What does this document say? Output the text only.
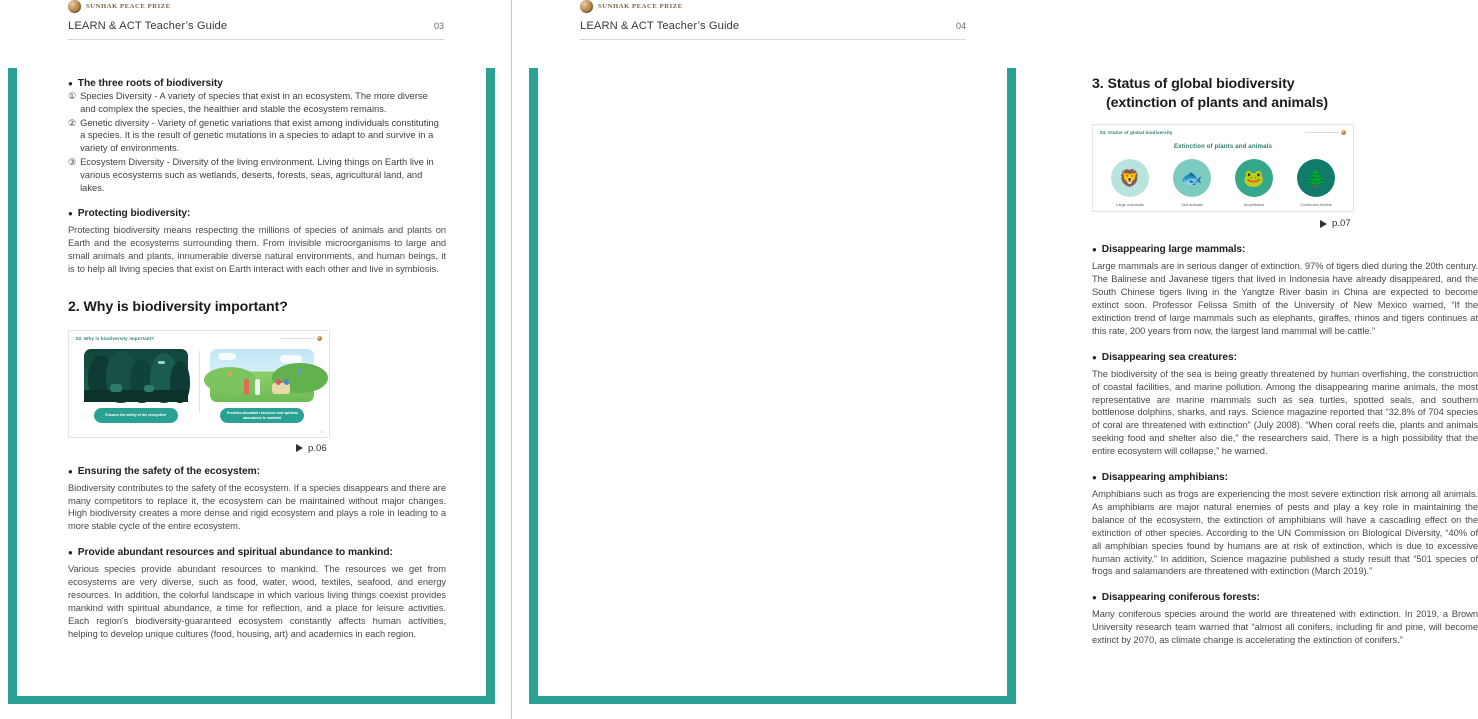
SUNHAK PEACE PRIZE
LEARN & ACT Teacher’s Guide	03
● The three roots of biodiversity
① Species Diversity - A variety of species that exist in an ecosystem. The more diverse and complex the species, the healthier and stable the ecosystem remains.
② Genetic diversity - Variety of genetic variations that exist among individuals constituting a species. It is the result of genetic mutations in a species to adapt to and survive in a variety of environments.
③ Ecosystem Diversity - Diversity of the living environment. Living things on Earth live in various ecosystems such as wetlands, deserts, forests, seas, agricultural land, and lakes.
● Protecting biodiversity:

Protecting biodiversity means respecting the millions of species of animals and plants on Earth and the ecosystems surrounding them. From invisible microorganisms to large and small animals and plants, innumerable diverse natural environments, and human beings, it is to help all living species that exist on Earth interact with each other and live in symbiosis.

2. Why is biodiversity important?
02. Why is biodiversity important?
Ensures the safety of the ecosystem
Provides abundant resources and spiritual abundance to mankind
6
p.06
● Ensuring the safety of the ecosystem:

Biodiversity contributes to the safety of the ecosystem. If a species disappears and there are many competitors to replace it, the ecosystem can be maintained without major changes. High biodiversity creates a more dense and rigid ecosystem and plays a role in leading to a more stable cycle of the entire ecosystem.

● Provide abundant resources and spiritual abundance to mankind:

Various species provide abundant resources to mankind. The resources we get from ecosystems are very diverse, such as food, water, wood, textiles, seafood, and energy resources. In addition, the colorful landscape in which various living things coexist provides mankind with spiritual abundance, a time for reflection, and a place for leisure activities. Each region's biodiversity-guaranteed ecosystem constantly affects human activities, helping to develop unique cultures (food, housing, art) and academics in each region.

SUNHAK PEACE PRIZE
LEARN & ACT Teacher’s Guide	04
3. Status of global biodiversity
(extinction of plants and animals)
03. Status of global biodiversity
Extinction of plants and animals
🦁
Large mammals
🐟
Sea animals
🐸
Amphibians
🌲
Coniferous forests
p.07
● Disappearing large mammals:

Large mammals are in serious danger of extinction. 97% of tigers died during the 20th century. The Balinese and Javanese tigers that lived in Indonesia have already disappeared, and the South Chinese tigers living in the Yangtze River basin in China are expected to become extinct soon. Professor Felissa Smith of the University of New Mexico warned, “If the extinction trend of large mammals such as elephants, giraffes, rhinos and tigers continues at this rate, 200 years from now, the largest land mammal will be cattle.”

● Disappearing sea creatures:

The biodiversity of the sea is being greatly threatened by human overfishing, the construction of coastal facilities, and marine pollution. Among the disappearing marine animals, the most representative are marine mammals such as sea turtles, spotted seals, and southern bottlenose dolphins, sharks, and rays. Science magazine reported that “32.8% of 704 species of coral are threatened with extinction” (July 2008). “When coral reefs die, plants and animals seeking food and shelter also die,” the researchers said. There is a high possibility that the entire ecosystem will collapse,” he warned.

● Disappearing amphibians:

Amphibians such as frogs are experiencing the most severe extinction risk among all animals. As amphibians are major natural enemies of pests and play a key role in maintaining the balance of the ecosystem, the extinction of amphibians will have a cascading effect on the extinction of other species. According to the UN Commission on Biological Diversity, “40% of all amphibian species found by humans are at risk of extinction, which is due to excessive human activity.” In addition, Science magazine published a study result that “501 species of frogs and salamanders are threatened with extinction (March 2019).”

● Disappearing coniferous forests:

Many coniferous species around the world are threatened with extinction. In 2019, a Brown University research team warned that “almost all conifers, including fir and pine, will become extinct by 2070, as climate change is accelerating the extinction of conifers.”
